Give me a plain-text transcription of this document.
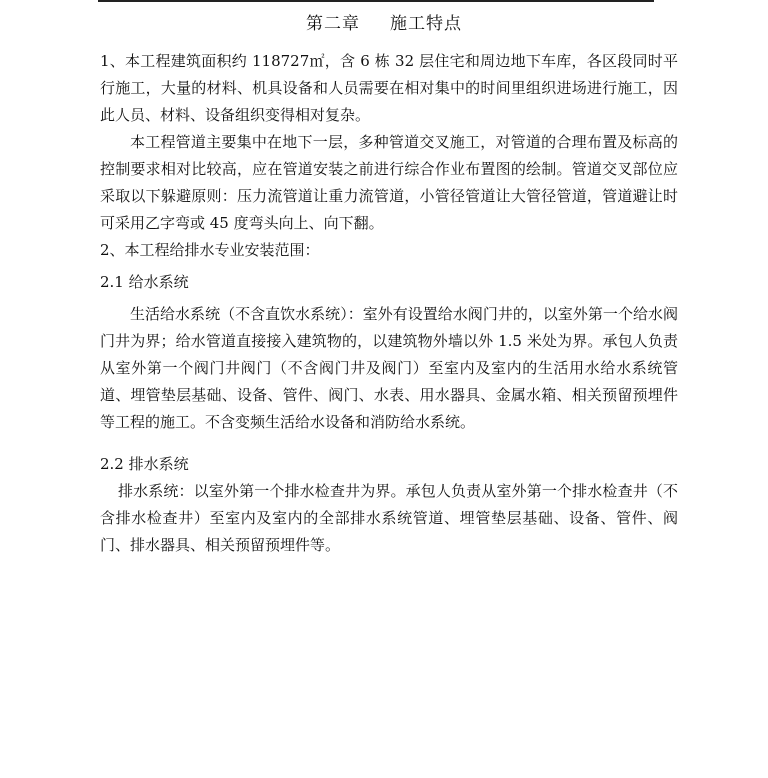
第二章 施工特点

1、本工程建筑面积约 118727㎡，含 6 栋 32 层住宅和周边地下车库，各区段同时平行施工，大量的材料、机具设备和人员需要在相对集中的时间里组织进场进行施工，因此人员、材料、设备组织变得相对复杂。

本工程管道主要集中在地下一层，多种管道交叉施工，对管道的合理布置及标高的控制要求相对比较高，应在管道安装之前进行综合作业布置图的绘制。管道交叉部位应采取以下躲避原则：压力流管道让重力流管道，小管径管道让大管径管道，管道避让时可采用乙字弯或 45 度弯头向上、向下翻。

2、本工程给排水专业安装范围：

2.1 给水系统

生活给水系统（不含直饮水系统）：室外有设置给水阀门井的，以室外第一个给水阀门井为界；给水管道直接接入建筑物的，以建筑物外墙以外 1.5 米处为界。承包人负责从室外第一个阀门井阀门（不含阀门井及阀门）至室内及室内的生活用水给水系统管道、埋管垫层基础、设备、管件、阀门、水表、用水器具、金属水箱、相关预留预埋件等工程的施工。不含变频生活给水设备和消防给水系统。

2.2 排水系统

排水系统：以室外第一个排水检查井为界。承包人负责从室外第一个排水检查井（不含排水检查井）至室内及室内的全部排水系统管道、埋管垫层基础、设备、管件、阀门、排水器具、相关预留预埋件等。
